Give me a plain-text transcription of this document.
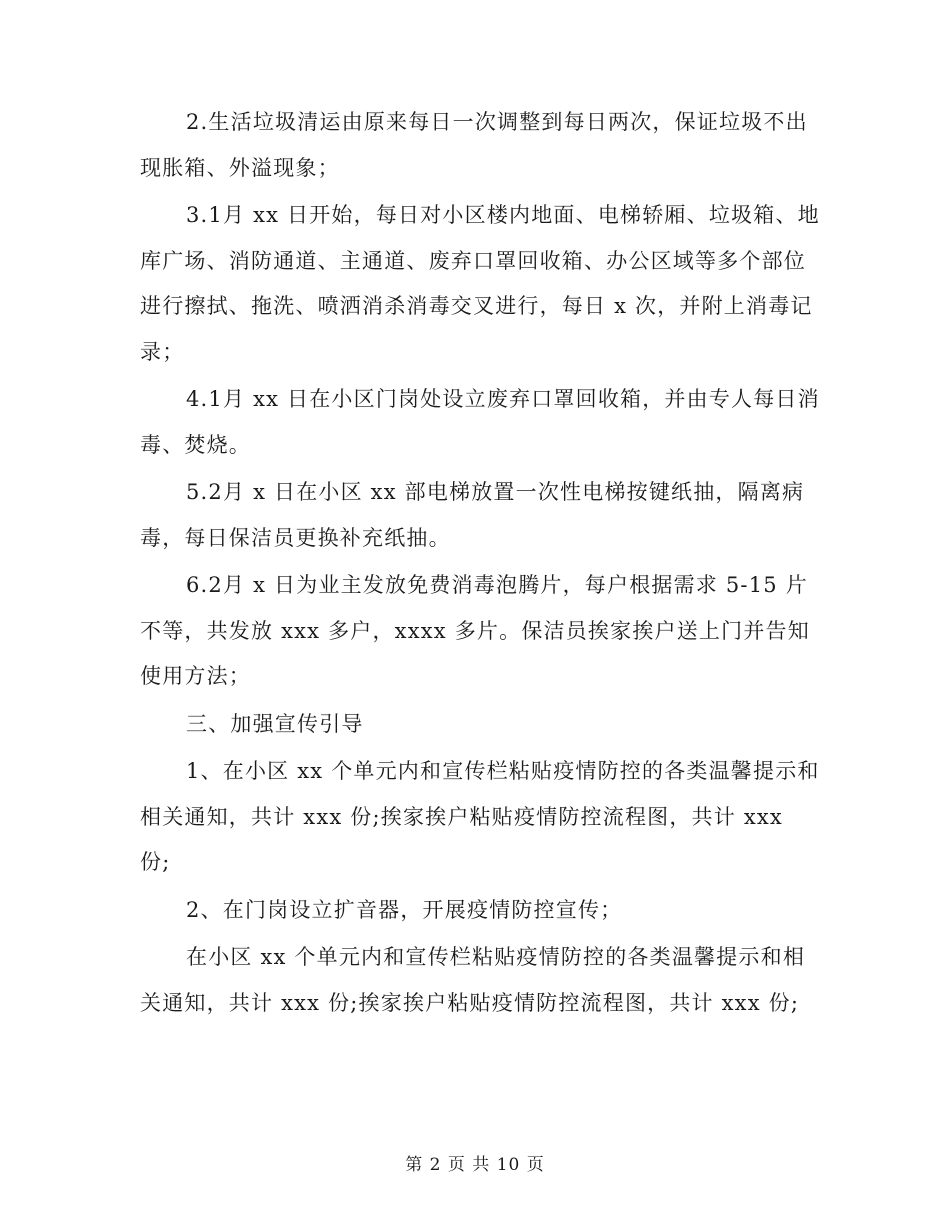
2.生活垃圾清运由原来每日一次调整到每日两次，保证垃圾不出现胀箱、外溢现象；

3.1月 xx 日开始，每日对小区楼内地面、电梯轿厢、垃圾箱、地库广场、消防通道、主通道、废弃口罩回收箱、办公区域等多个部位进行擦拭、拖洗、喷洒消杀消毒交叉进行，每日 x 次，并附上消毒记录；

4.1月 xx 日在小区门岗处设立废弃口罩回收箱，并由专人每日消毒、焚烧。

5.2月 x 日在小区 xx 部电梯放置一次性电梯按键纸抽，隔离病毒，每日保洁员更换补充纸抽。

6.2月 x 日为业主发放免费消毒泡腾片，每户根据需求 5-15 片不等，共发放 xxx 多户，xxxx 多片。保洁员挨家挨户送上门并告知使用方法；

三、加强宣传引导

1、在小区 xx 个单元内和宣传栏粘贴疫情防控的各类温馨提示和相关通知，共计 xxx 份;挨家挨户粘贴疫情防控流程图，共计 xxx 份;

2、在门岗设立扩音器，开展疫情防控宣传；

在小区 xx 个单元内和宣传栏粘贴疫情防控的各类温馨提示和相关通知，共计 xxx 份;挨家挨户粘贴疫情防控流程图，共计 xxx 份;

第 2 页 共 10 页
